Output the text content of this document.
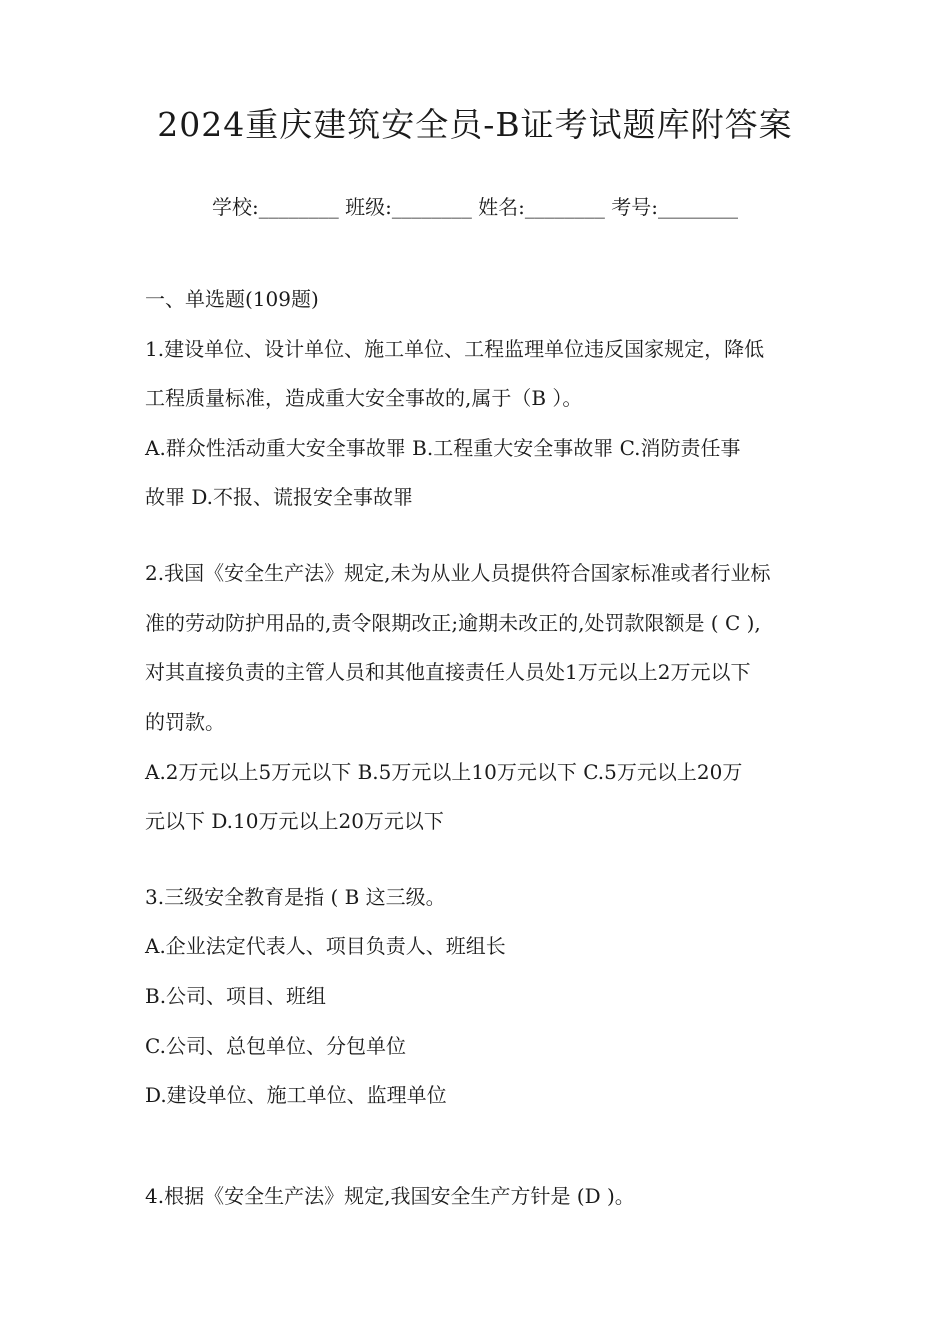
2024重庆建筑安全员-B证考试题库附答案
学校:________ 班级:________ 姓名:________ 考号:________
一、单选题(109题)
1.建设单位、设计单位、施工单位、工程监理单位违反国家规定，降低
工程质量标准，造成重大安全事故的,属于（B ）。
A.群众性活动重大安全事故罪 B.工程重大安全事故罪 C.消防责任事
故罪 D.不报、谎报安全事故罪
2.我国《安全生产法》规定,未为从业人员提供符合国家标准或者行业标
准的劳动防护用品的,责令限期改正;逾期未改正的,处罚款限额是 ( C ),
对其直接负责的主管人员和其他直接责任人员处1万元以上2万元以下
的罚款。
A.2万元以上5万元以下 B.5万元以上10万元以下 C.5万元以上20万
元以下 D.10万元以上20万元以下
3.三级安全教育是指 ( B 这三级。
A.企业法定代表人、项目负责人、班组长
B.公司、项目、班组
C.公司、总包单位、分包单位
D.建设单位、施工单位、监理单位
4.根据《安全生产法》规定,我国安全生产方针是 (D )。
